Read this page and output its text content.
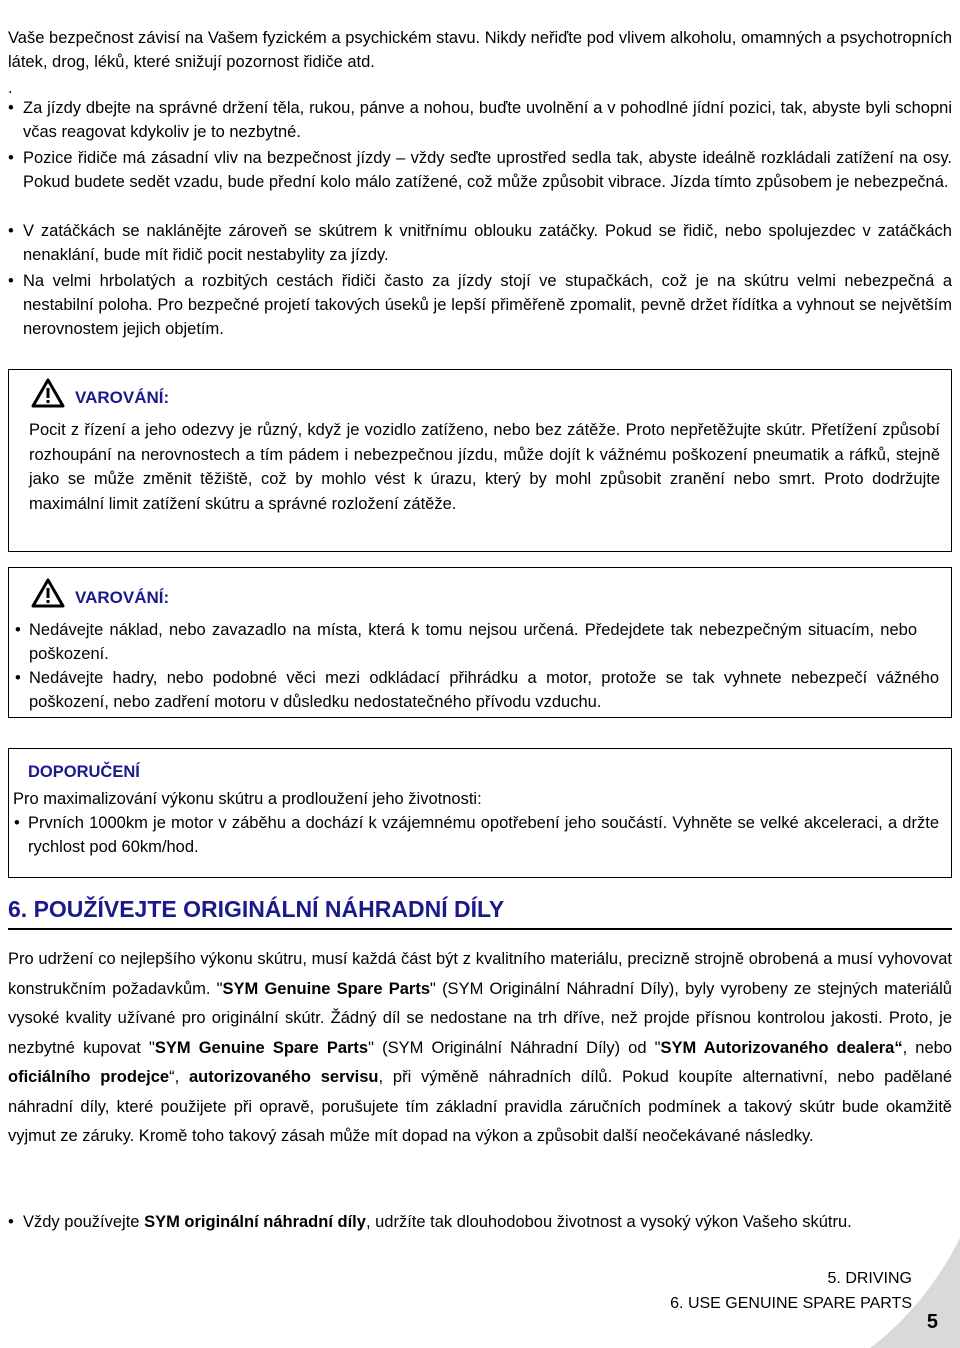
Vaše bezpečnost závisí na Vašem fyzickém a psychickém stavu. Nikdy neřiďte pod vlivem alkoholu, omamných a psychotropních látek, drog, léků, které snižují pozornost řidiče atd.

.

• Za jízdy dbejte na správné držení těla, rukou, pánve a nohou, buďte uvolnění a v pohodlné jídní pozici, tak, abyste byli schopni včas reagovat kdykoliv je to nezbytné.

• Pozice řidiče má zásadní vliv na bezpečnost jízdy – vždy seďte uprostřed sedla tak, abyste ideálně rozkládali zatížení na osy. Pokud budete sedět vzadu, bude přední kolo málo zatížené, což může způsobit vibrace. Jízda tímto způsobem je nebezpečná.

• V zatáčkách se naklánějte zároveň se skútrem k vnitřnímu oblouku zatáčky. Pokud se řidič, nebo spolujezdec v zatáčkách nenaklání, bude mít řidič pocit nestabylity za jízdy.

• Na velmi hrbolatých a rozbitých cestách řidiči často za jízdy stojí ve stupačkách, což je na skútru velmi nebezpečná a nestabilní poloha. Pro bezpečné projetí takových úseků je lepší přiměřeně zpomalit, pevně držet řídítka a vyhnout se největším nerovnostem jejich objetím.

VAROVÁNÍ:

Pocit z řízení a jeho odezvy je různý, když je vozidlo zatíženo, nebo bez zátěže. Proto nepřetěžujte skútr. Přetížení způsobí rozhoupání na nerovnostech a tím pádem i nebezpečnou jízdu, může dojít k vážnému poškození pneumatik a ráfků, stejně jako se může změnit těžiště, což by mohlo vést k úrazu, který by mohl způsobit zranění nebo smrt. Proto dodržujte maximální limit zatížení skútru a správné rozložení zátěže.

VAROVÁNÍ:

• Nedávejte náklad, nebo zavazadlo na místa, která k tomu nejsou určená. Předejdete tak nebezpečným situacím, nebo poškození.

• Nedávejte hadry, nebo podobné věci mezi odkládací přihrádku a motor, protože se tak vyhnete nebezpečí vážného poškození, nebo zadření motoru v důsledku nedostatečného přívodu vzduchu.

DOPORUČENÍ

Pro maximalizování výkonu skútru a prodloužení jeho životnosti:

• Prvních 1000km je motor v záběhu a dochází k vzájemnému opotřebení jeho součástí. Vyhněte se velké akceleraci, a držte rychlost pod 60km/hod.

6. POUŽÍVEJTE ORIGINÁLNÍ NÁHRADNÍ DÍLY

Pro udržení co nejlepšího výkonu skútru, musí každá část být z kvalitního materiálu, precizně strojně obrobená a musí vyhovovat konstrukčním požadavkům. "SYM Genuine Spare Parts" (SYM Originální Náhradní Díly), byly vyrobeny ze stejných materiálů vysoké kvality užívané pro originální skútr. Žádný díl se nedostane na trh dříve, než projde přísnou kontrolou jakosti. Proto, je nezbytné kupovat "SYM Genuine Spare Parts" (SYM Originální Náhradní Díly) od "SYM Autorizovaného dealera“, nebo oficiálního prodejce“, autorizovaného servisu, při výměně náhradních dílů. Pokud koupíte alternativní, nebo padělané náhradní díly, které použijete při opravě, porušujete tím základní pravidla záručních podmínek a takový skútr bude okamžitě vyjmut ze záruky. Kromě toho takový zásah může mít dopad na výkon a způsobit další neočekávané následky.

• Vždy používejte SYM originální náhradní díly, udržíte tak dlouhodobou životnost a vysoký výkon Vašeho skútru.

5. DRIVING
6. USE GENUINE SPARE PARTS
5
